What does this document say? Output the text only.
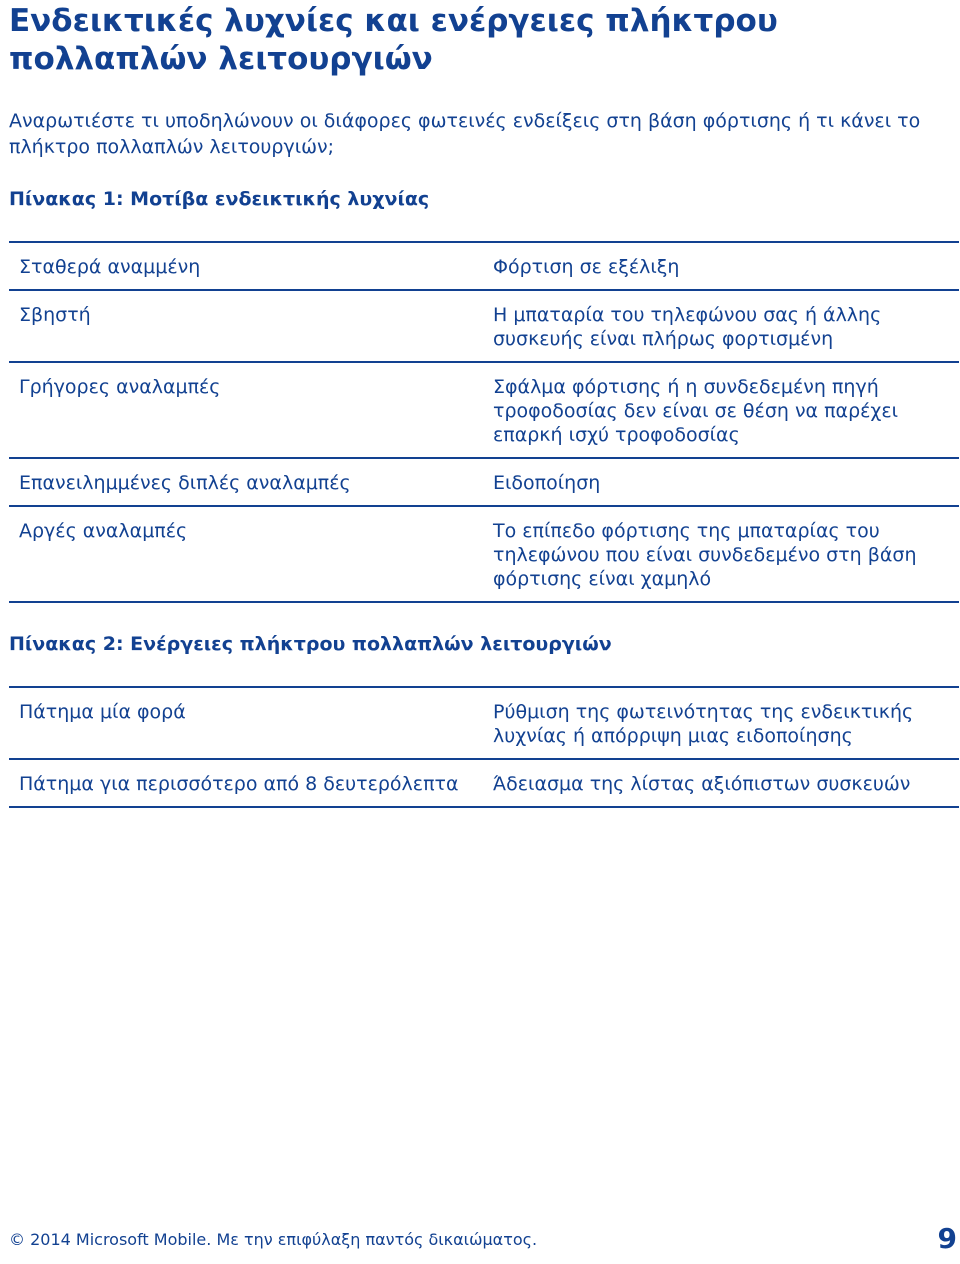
Ενδεικτικές λυχνίες και ενέργειες πλήκτρου πολλαπλών λειτουργιών

Αναρωτιέστε τι υποδηλώνουν οι διάφορες φωτεινές ενδείξεις στη βάση φόρτισης ή τι κάνει το πλήκτρο πολλαπλών λειτουργιών;

Πίνακας 1: Μοτίβα ενδεικτικής λυχνίας
Σταθερά αναμμένη	Φόρτιση σε εξέλιξη
Σβηστή	Η μπαταρία του τηλεφώνου σας ή άλλης συσκευής είναι πλήρως φορτισμένη
Γρήγορες αναλαμπές	Σφάλμα φόρτισης ή η συνδεδεμένη πηγή τροφοδοσίας δεν είναι σε θέση να παρέχει επαρκή ισχύ τροφοδοσίας
Επανειλημμένες διπλές αναλαμπές	Ειδοποίηση
Αργές αναλαμπές	Το επίπεδο φόρτισης της μπαταρίας του τηλεφώνου που είναι συνδεδεμένο στη βάση φόρτισης είναι χαμηλό
Πίνακας 2: Ενέργειες πλήκτρου πολλαπλών λειτουργιών
Πάτημα μία φορά	Ρύθμιση της φωτεινότητας της ενδεικτικής λυχνίας ή απόρριψη μιας ειδοποίησης
Πάτημα για περισσότερο από 8 δευτερόλεπτα	Άδειασμα της λίστας αξιόπιστων συσκευών
© 2014 Microsoft Mobile. Με την επιφύλαξη παντός δικαιώματος.	9
